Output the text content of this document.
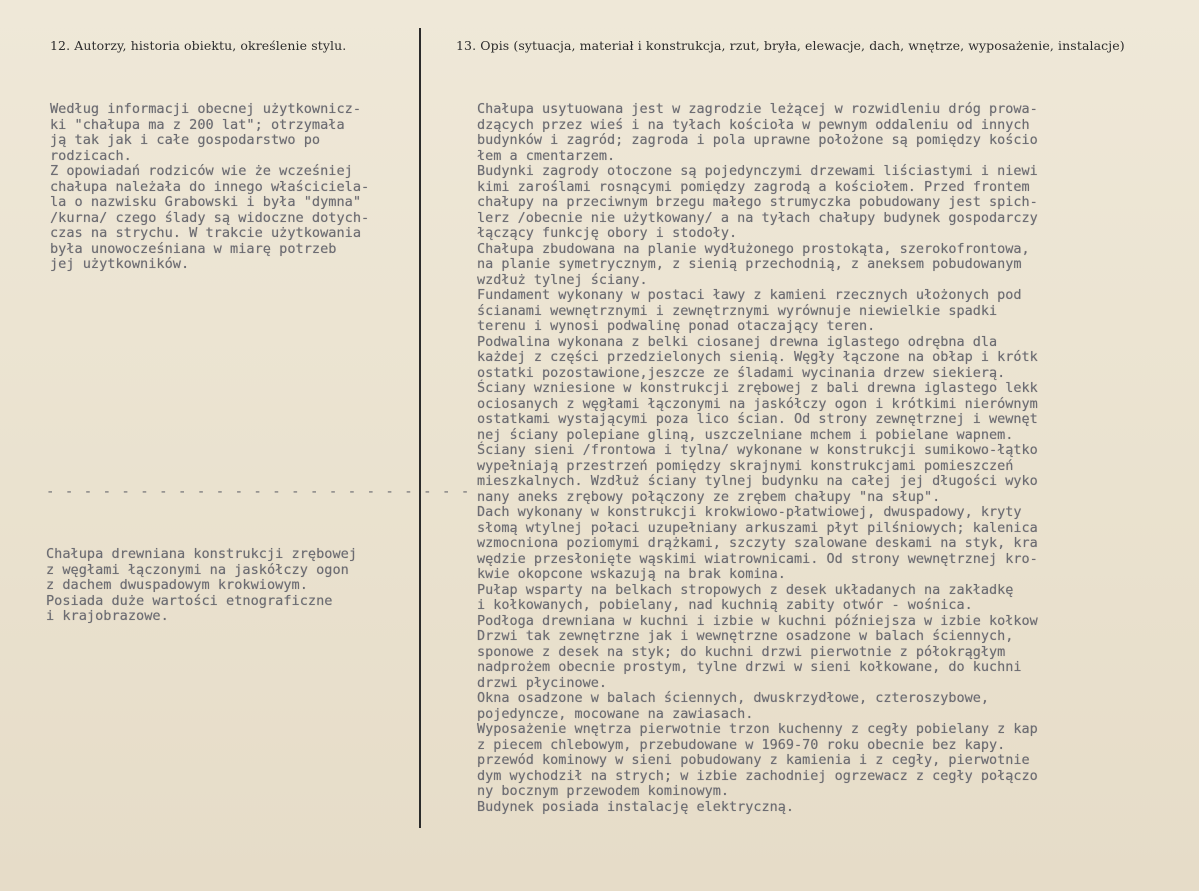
12. Autorzy, historia obiektu, określenie stylu.	13. Opis (sytuacja, materiał i konstrukcja, rzut, bryła, elewacje, dach, wnętrze, wyposażenie, instalacje)
Według informacji obecnej użytkownicz-
ki "chałupa ma z 200 lat"; otrzymała
ją tak jak i całe gospodarstwo po
rodzicach.
Z opowiadań rodziców wie że wcześniej
chałupa należała do innego właściciela-
la o nazwisku Grabowski i była "dymna"
/kurna/ czego ślady są widoczne dotych-
czas na strychu. W trakcie użytkowania
była unowocześniana w miarę potrzeb
jej użytkowników.
- - - - - - - - - - - - - - - - - - - - - - -
Chałupa drewniana konstrukcji zrębowej
z węgłami łączonymi na jaskółczy ogon
z dachem dwuspadowym krokwiowym.
Posiada duże wartości etnograficzne
i krajobrazowe.
Chałupa usytuowana jest w zagrodzie leżącej w rozwidleniu dróg prowa-
dzących przez wieś i na tyłach kościoła w pewnym oddaleniu od innych
budynków i zagród; zagroda i pola uprawne położone są pomiędzy kościo
łem a cmentarzem.
Budynki zagrody otoczone są pojedynczymi drzewami liściastymi i niewi
kimi zaroślami rosnącymi pomiędzy zagrodą a kościołem. Przed frontem
chałupy na przeciwnym brzegu małego strumyczka pobudowany jest spich-
lerz /obecnie nie użytkowany/ a na tyłach chałupy budynek gospodarczy
łączący funkcję obory i stodoły.
Chałupa zbudowana na planie wydłużonego prostokąta, szerokofrontowa,
na planie symetrycznym, z sienią przechodnią, z aneksem pobudowanym
wzdłuż tylnej ściany.
Fundament wykonany w postaci ławy z kamieni rzecznych ułożonych pod
ścianami wewnętrznymi i zewnętrznymi wyrównuje niewielkie spadki
terenu i wynosi podwalinę ponad otaczający teren.
Podwalina wykonana z belki ciosanej drewna iglastego odrębna dla
każdej z części przedzielonych sienią. Węgły łączone na obłap i krótk
ostatki pozostawione,jeszcze ze śladami wycinania drzew siekierą.
Ściany wzniesione w konstrukcji zrębowej z bali drewna iglastego lekk
ociosanych z węgłami łączonymi na jaskółczy ogon i krótkimi nierównym
ostatkami wystającymi poza lico ścian. Od strony zewnętrznej i wewnęt
nej ściany polepiane gliną, uszczelniane mchem i pobielane wapnem.
Ściany sieni /frontowa i tylna/ wykonane w konstrukcji sumikowo-łątko
wypełniają przestrzeń pomiędzy skrajnymi konstrukcjami pomieszczeń
mieszkalnych. Wzdłuż ściany tylnej budynku na całej jej długości wyko
nany aneks zrębowy połączony ze zrębem chałupy "na słup".
Dach wykonany w konstrukcji krokwiowo-płatwiowej, dwuspadowy, kryty
słomą wtylnej połaci uzupełniany arkuszami płyt pilśniowych; kalenica
wzmocniona poziomymi drążkami, szczyty szalowane deskami na styk, kra
wędzie przesłonięte wąskimi wiatrownicami. Od strony wewnętrznej kro-
kwie okopcone wskazują na brak komina.
Pułap wsparty na belkach stropowych z desek układanych na zakładkę
i kołkowanych, pobielany, nad kuchnią zabity otwór - wośnica.
Podłoga drewniana w kuchni i izbie w kuchni późniejsza w izbie kołkow
Drzwi tak zewnętrzne jak i wewnętrzne osadzone w balach ściennych,
sponowe z desek na styk; do kuchni drzwi pierwotnie z półokrągłym
nadprożem obecnie prostym, tylne drzwi w sieni kołkowane, do kuchni
drzwi płycinowe.
Okna osadzone w balach ściennych, dwuskrzydłowe, czteroszybowe,
pojedyncze, mocowane na zawiasach.
Wyposażenie wnętrza pierwotnie trzon kuchenny z cegły pobielany z kap
z piecem chlebowym, przebudowane w 1969-70 roku obecnie bez kapy.
przewód kominowy w sieni pobudowany z kamienia i z cegły, pierwotnie
dym wychodził na strych; w izbie zachodniej ogrzewacz z cegły połączo
ny bocznym przewodem kominowym.
Budynek posiada instalację elektryczną.
